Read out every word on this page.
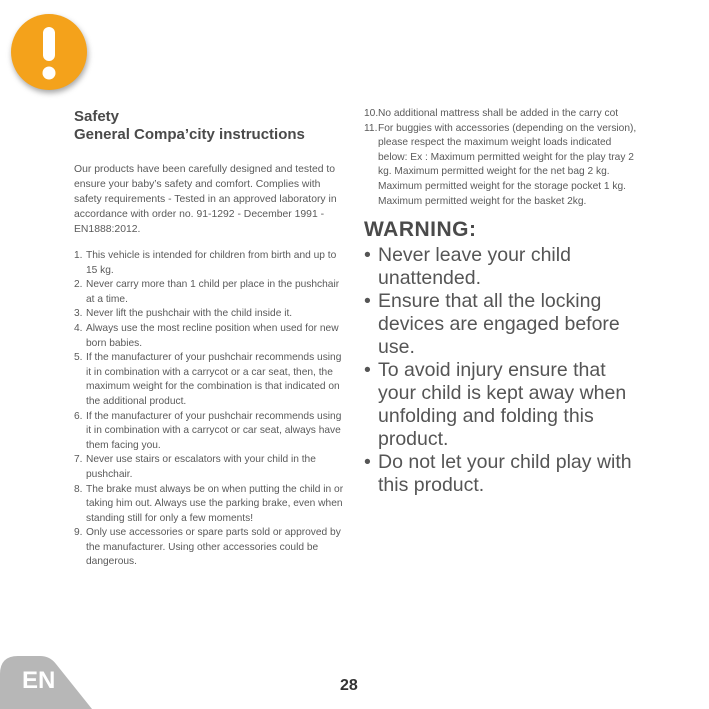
Safety
General Compa’city instructions

Our products have been carefully designed and tested to ensure your baby’s safety and comfort. Complies with safety requirements - Tested in an approved laboratory in accordance with order no. 91-1292 - December 1991 - EN1888:2012.

1. This vehicle is intended for children from birth and up to 15 kg.
2. Never carry more than 1 child per place in the pushchair at a time.
3. Never lift the pushchair with the child inside it.
4. Always use the most recline position when used for new born babies.
5. If the manufacturer of your pushchair recommends using it in combination with a carrycot or a car seat, then, the maximum weight for the combination is that indicated on the additional product.
6. If the manufacturer of your pushchair recommends using it in combination with a carrycot or car seat, always have them facing you.
7. Never use stairs or escalators with your child in the pushchair.
8. The brake must always be on when putting the child in or taking him out. Always use the parking brake, even when standing still for only a few moments!
9. Only use accessories or spare parts sold or approved by the manufacturer. Using other accessories could be dangerous.
10. No additional mattress shall be added in the carry cot
11. For buggies with accessories (depending on the version), please respect the maximum weight loads indicated below: Ex : Maximum permitted weight for the play tray 2 kg. Maximum permitted weight for the net bag 2 kg. Maximum permitted weight for the storage pocket 1 kg. Maximum permitted weight for the basket 2kg.
WARNING:
• Never leave your child unattended.
• Ensure that all the locking devices are engaged before use.
• To avoid injury ensure that your child is kept away when unfolding and folding this product.
• Do not let your child play with this product.
EN	28
